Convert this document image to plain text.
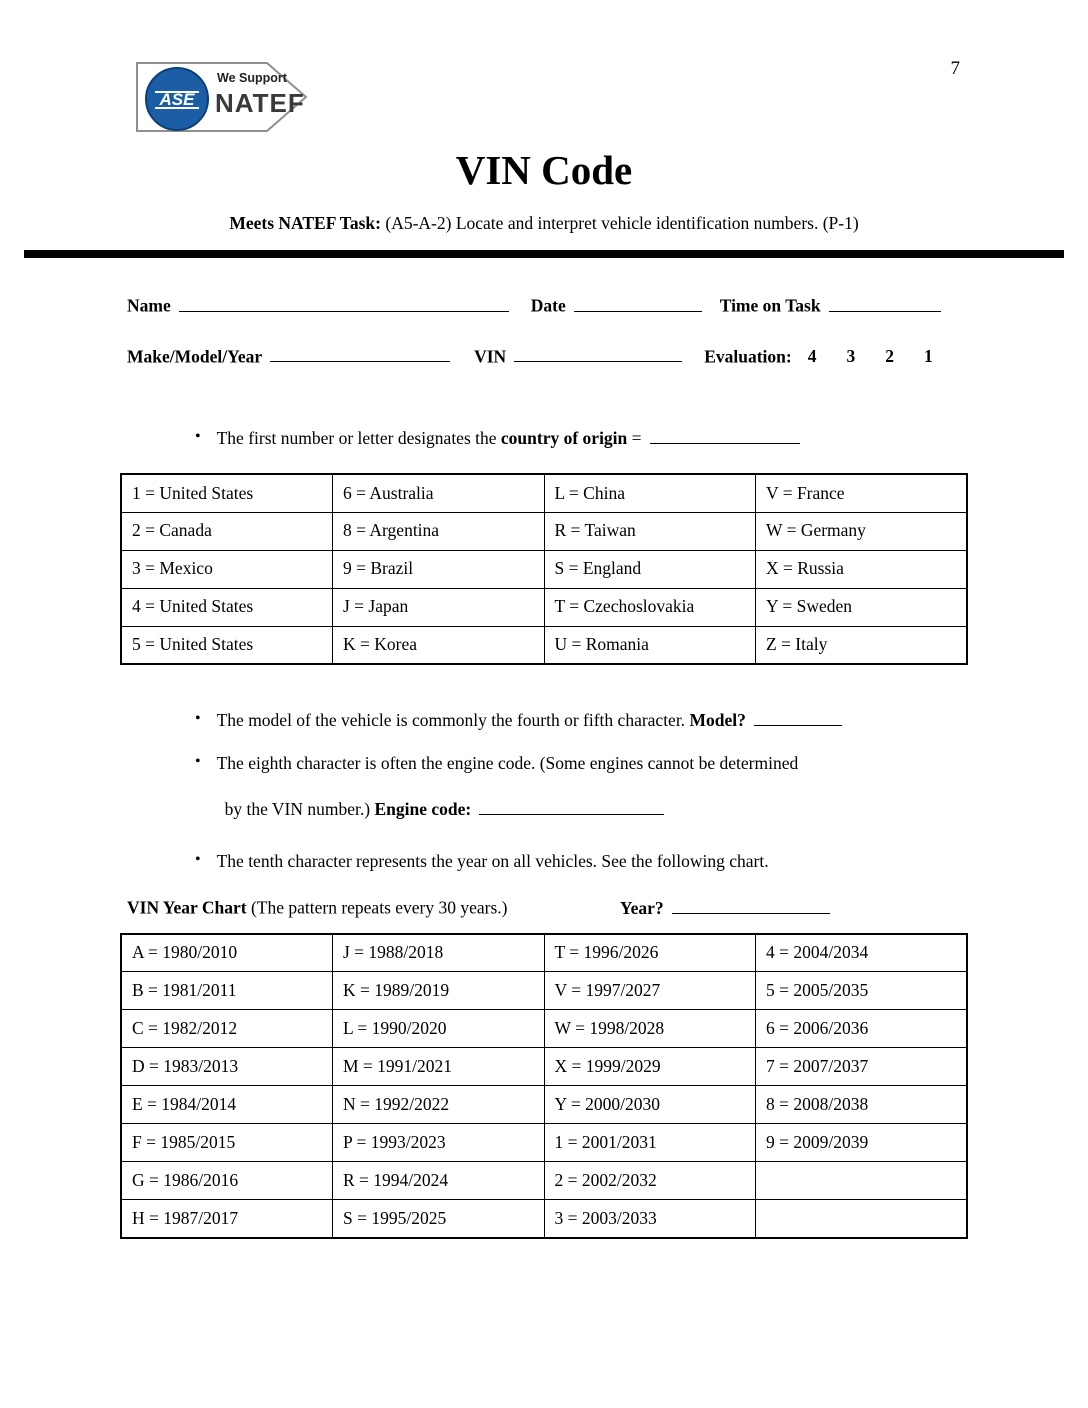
7
ASE
We Support
NATEF
VIN Code
Meets NATEF Task: (A5-A-2) Locate and interpret vehicle identification numbers. (P-1)
Name	Date	Time on Task
Make/Model/Year	VIN	Evaluation: 4 3 2 1
• The first number or letter designates the country of origin =
1 = United States	6 = Australia	L = China	V = France
2 = Canada	8 = Argentina	R = Taiwan	W = Germany
3 = Mexico	9 = Brazil	S = England	X = Russia
4 = United States	J = Japan	T = Czechoslovakia	Y = Sweden
5 = United States	K = Korea	U = Romania	Z = Italy
• The model of the vehicle is commonly the fourth or fifth character. Model?
• The eighth character is often the engine code. (Some engines cannot be determined
by the VIN number.) Engine code:
• The tenth character represents the year on all vehicles. See the following chart.
VIN Year Chart (The pattern repeats every 30 years.)	Year?
A = 1980/2010	J = 1988/2018	T = 1996/2026	4 = 2004/2034
B = 1981/2011	K = 1989/2019	V = 1997/2027	5 = 2005/2035
C = 1982/2012	L = 1990/2020	W = 1998/2028	6 = 2006/2036
D = 1983/2013	M = 1991/2021	X = 1999/2029	7 = 2007/2037
E = 1984/2014	N = 1992/2022	Y = 2000/2030	8 = 2008/2038
F = 1985/2015	P = 1993/2023	1 = 2001/2031	9 = 2009/2039
G = 1986/2016	R = 1994/2024	2 = 2002/2032	
H = 1987/2017	S = 1995/2025	3 = 2003/2033	
